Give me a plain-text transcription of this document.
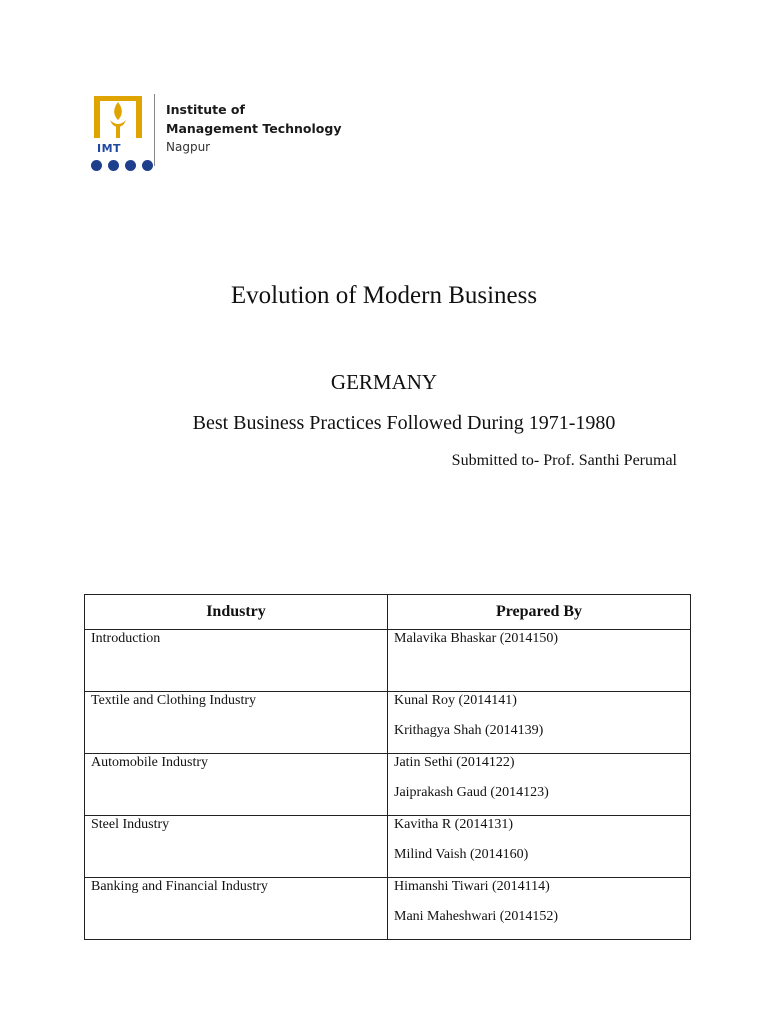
IMT
Institute of
Management Technology
Nagpur
Evolution of Modern Business
GERMANY
Best Business Practices Followed During 1971-1980
Submitted to- Prof. Santhi Perumal
Industry	Prepared By
Introduction	Malavika Bhaskar (2014150)

Textile and Clothing Industry	Kunal Roy (2014141)
Krithagya Shah (2014139)

Automobile Industry	Jatin Sethi (2014122)
Jaiprakash Gaud (2014123)

Steel Industry	Kavitha R (2014131)
Milind Vaish (2014160)

Banking and Financial Industry	Himanshi Tiwari (2014114)
Mani Maheshwari (2014152)
